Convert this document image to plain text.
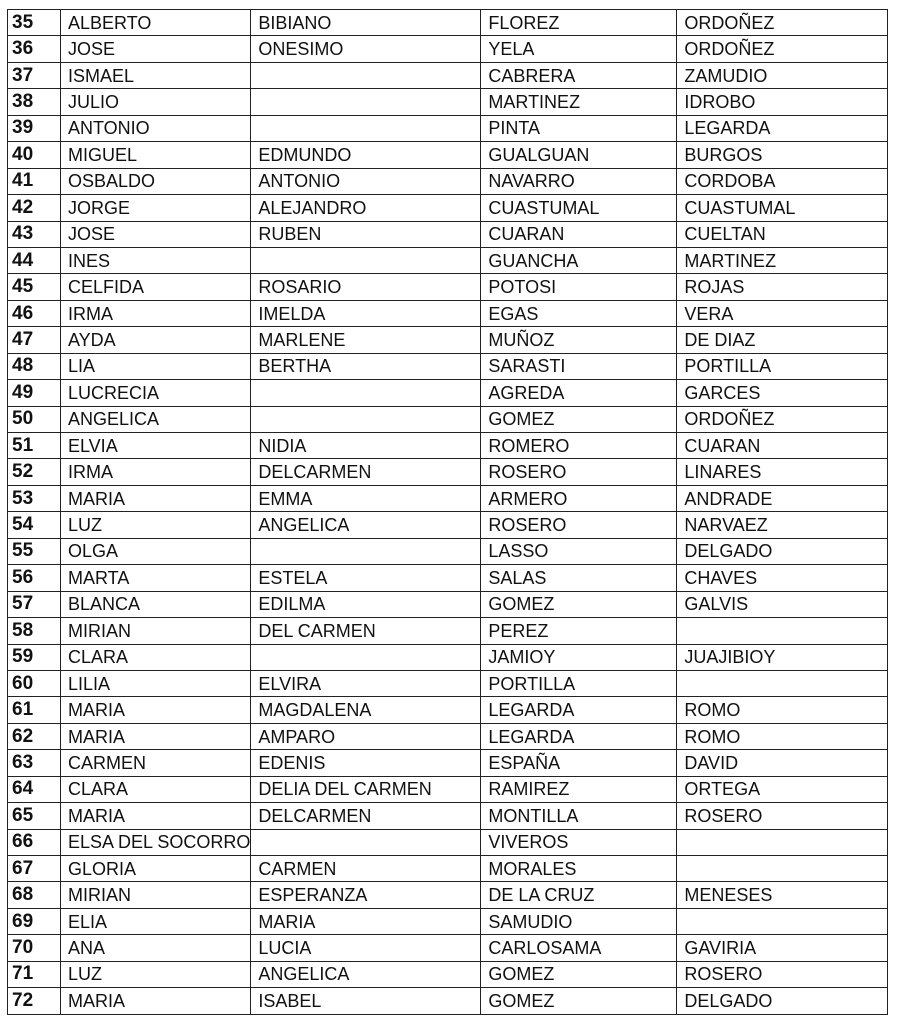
35	ALBERTO	BIBIANO	FLOREZ	ORDOÑEZ
36	JOSE	ONESIMO	YELA	ORDOÑEZ
37	ISMAEL		CABRERA	ZAMUDIO
38	JULIO		MARTINEZ	IDROBO
39	ANTONIO		PINTA	LEGARDA
40	MIGUEL	EDMUNDO	GUALGUAN	BURGOS
41	OSBALDO	ANTONIO	NAVARRO	CORDOBA
42	JORGE	ALEJANDRO	CUASTUMAL	CUASTUMAL
43	JOSE	RUBEN	CUARAN	CUELTAN
44	INES		GUANCHA	MARTINEZ
45	CELFIDA	ROSARIO	POTOSI	ROJAS
46	IRMA	IMELDA	EGAS	VERA
47	AYDA	MARLENE	MUÑOZ	DE DIAZ
48	LIA	BERTHA	SARASTI	PORTILLA
49	LUCRECIA		AGREDA	GARCES
50	ANGELICA		GOMEZ	ORDOÑEZ
51	ELVIA	NIDIA	ROMERO	CUARAN
52	IRMA	DELCARMEN	ROSERO	LINARES
53	MARIA	EMMA	ARMERO	ANDRADE
54	LUZ	ANGELICA	ROSERO	NARVAEZ
55	OLGA		LASSO	DELGADO
56	MARTA	ESTELA	SALAS	CHAVES
57	BLANCA	EDILMA	GOMEZ	GALVIS
58	MIRIAN	DEL CARMEN	PEREZ	
59	CLARA		JAMIOY	JUAJIBIOY
60	LILIA	ELVIRA	PORTILLA	
61	MARIA	MAGDALENA	LEGARDA	ROMO
62	MARIA	AMPARO	LEGARDA	ROMO
63	CARMEN	EDENIS	ESPAÑA	DAVID
64	CLARA	DELIA DEL CARMEN	RAMIREZ	ORTEGA
65	MARIA	DELCARMEN	MONTILLA	ROSERO
66	ELSA DEL SOCORRO		VIVEROS	
67	GLORIA	CARMEN	MORALES	
68	MIRIAN	ESPERANZA	DE LA CRUZ	MENESES
69	ELIA	MARIA	SAMUDIO	
70	ANA	LUCIA	CARLOSAMA	GAVIRIA
71	LUZ	ANGELICA	GOMEZ	ROSERO
72	MARIA	ISABEL	GOMEZ	DELGADO
